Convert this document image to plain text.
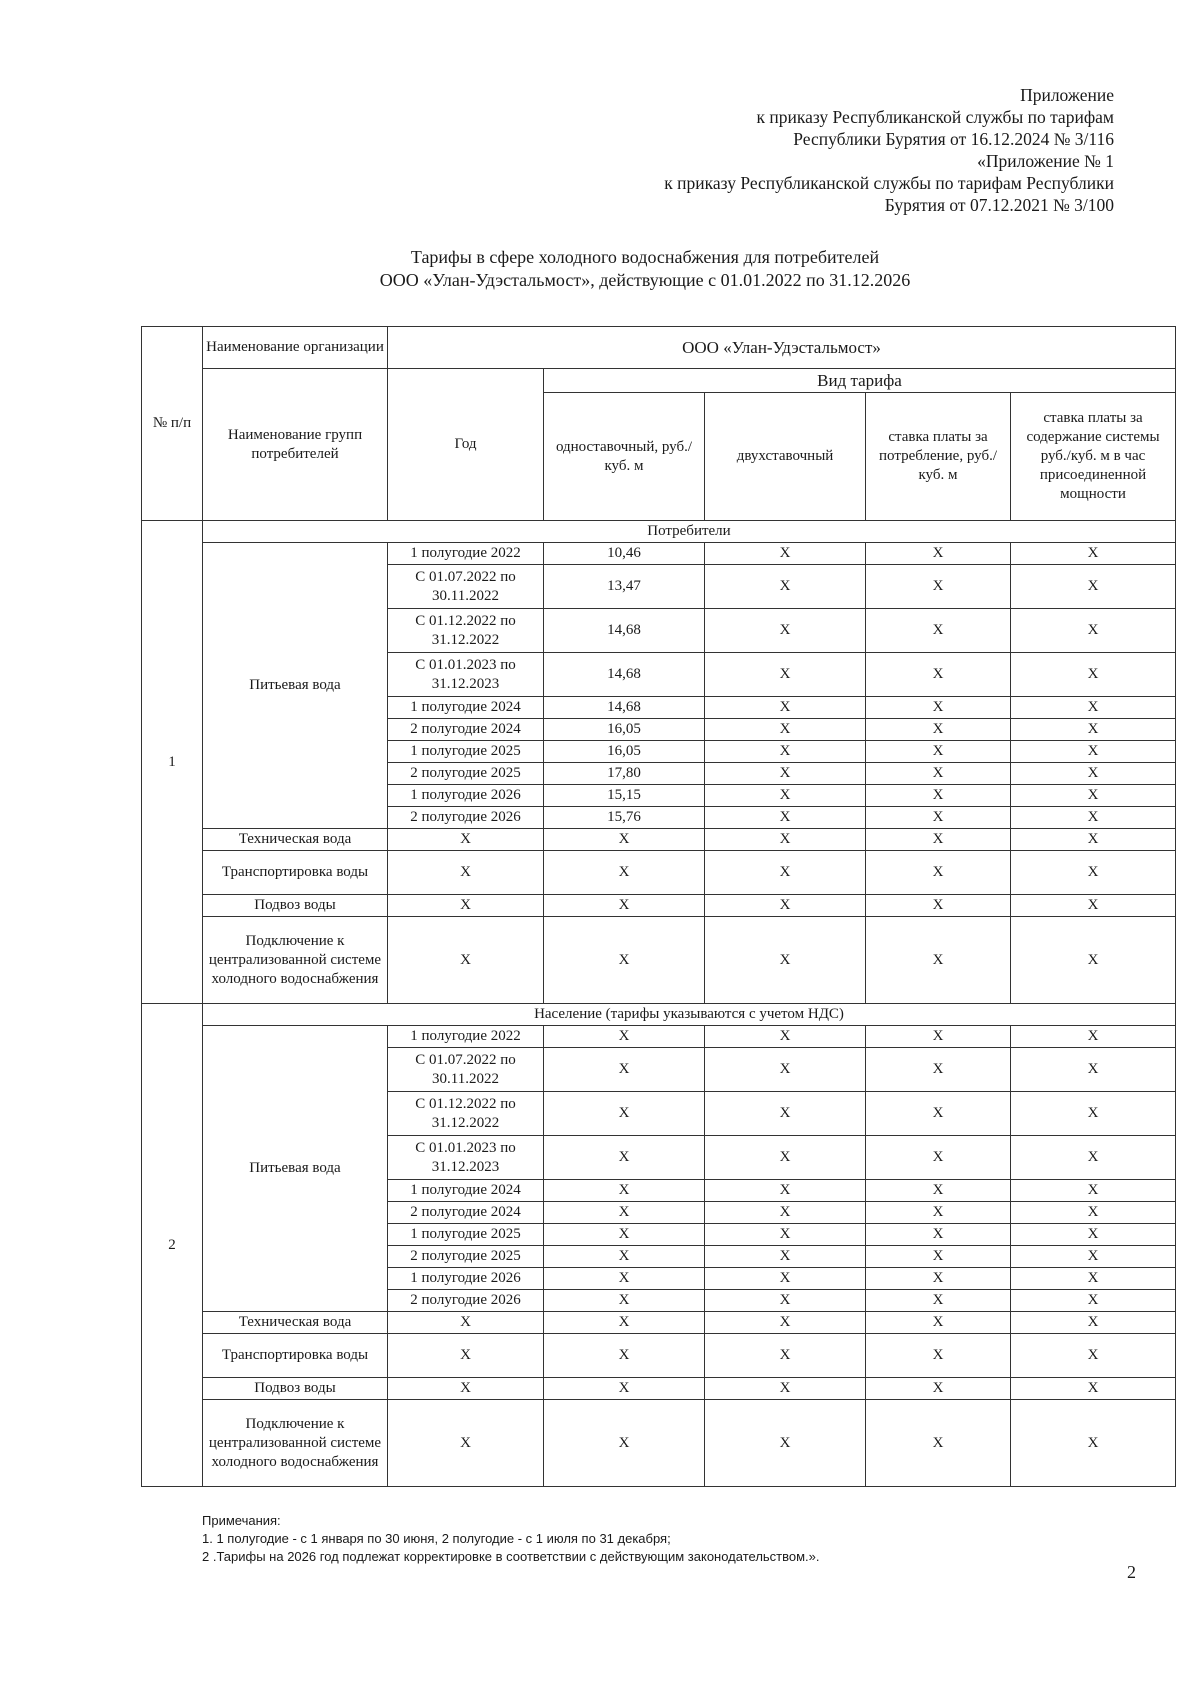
Приложение
к приказу Республиканской службы по тарифам
Республики Бурятия от 16.12.2024 № 3/116
«Приложение № 1
к приказу Республиканской службы по тарифам Республики
Бурятия от 07.12.2021 № 3/100
Тарифы в сфере холодного водоснабжения для потребителей
ООО «Улан-Удэстальмост», действующие с 01.01.2022 по 31.12.2026
№ п/п	Наименование организации	ООО «Улан-Удэстальмост»				
	Наименование групп потребителей	Год	Вид тарифа			
			одноставочный, руб./ куб. м	двухставочный	ставка платы за потребление, руб./ куб. м	ставка платы за содержание системы руб./куб. м в час присоединенной мощности
1	Потребители					
	Питьевая вода	1 полугодие 2022	10,46	X	X	X
		С 01.07.2022 по 30.11.2022	13,47	X	X	X
		С 01.12.2022 по 31.12.2022	14,68	X	X	X
		С 01.01.2023 по 31.12.2023	14,68	X	X	X
		1 полугодие 2024	14,68	X	X	X
		2 полугодие 2024	16,05	X	X	X
		1 полугодие 2025	16,05	X	X	X
		2 полугодие 2025	17,80	X	X	X
		1 полугодие 2026	15,15	X	X	X
		2 полугодие 2026	15,76	X	X	X
	Техническая вода	X	X	X	X	X
	Транспортировка воды	X	X	X	X	X
	Подвоз воды	X	X	X	X	X
	Подключение к централизованной системе холодного водоснабжения	X	X	X	X	X
2	Население (тарифы указываются с учетом НДС)					
	Питьевая вода	1 полугодие 2022	X	X	X	X
		С 01.07.2022 по 30.11.2022	X	X	X	X
		С 01.12.2022 по 31.12.2022	X	X	X	X
		С 01.01.2023 по 31.12.2023	X	X	X	X
		1 полугодие 2024	X	X	X	X
		2 полугодие 2024	X	X	X	X
		1 полугодие 2025	X	X	X	X
		2 полугодие 2025	X	X	X	X
		1 полугодие 2026	X	X	X	X
		2 полугодие 2026	X	X	X	X
	Техническая вода	X	X	X	X	X
	Транспортировка воды	X	X	X	X	X
	Подвоз воды	X	X	X	X	X
	Подключение к централизованной системе холодного водоснабжения	X	X	X	X	X
Примечания:
1. 1 полугодие - с 1 января по 30 июня, 2 полугодие - с 1 июля по 31 декабря;
2 .Тарифы на 2026 год подлежат корректировке в соответствии с действующим законодательством.».
2
